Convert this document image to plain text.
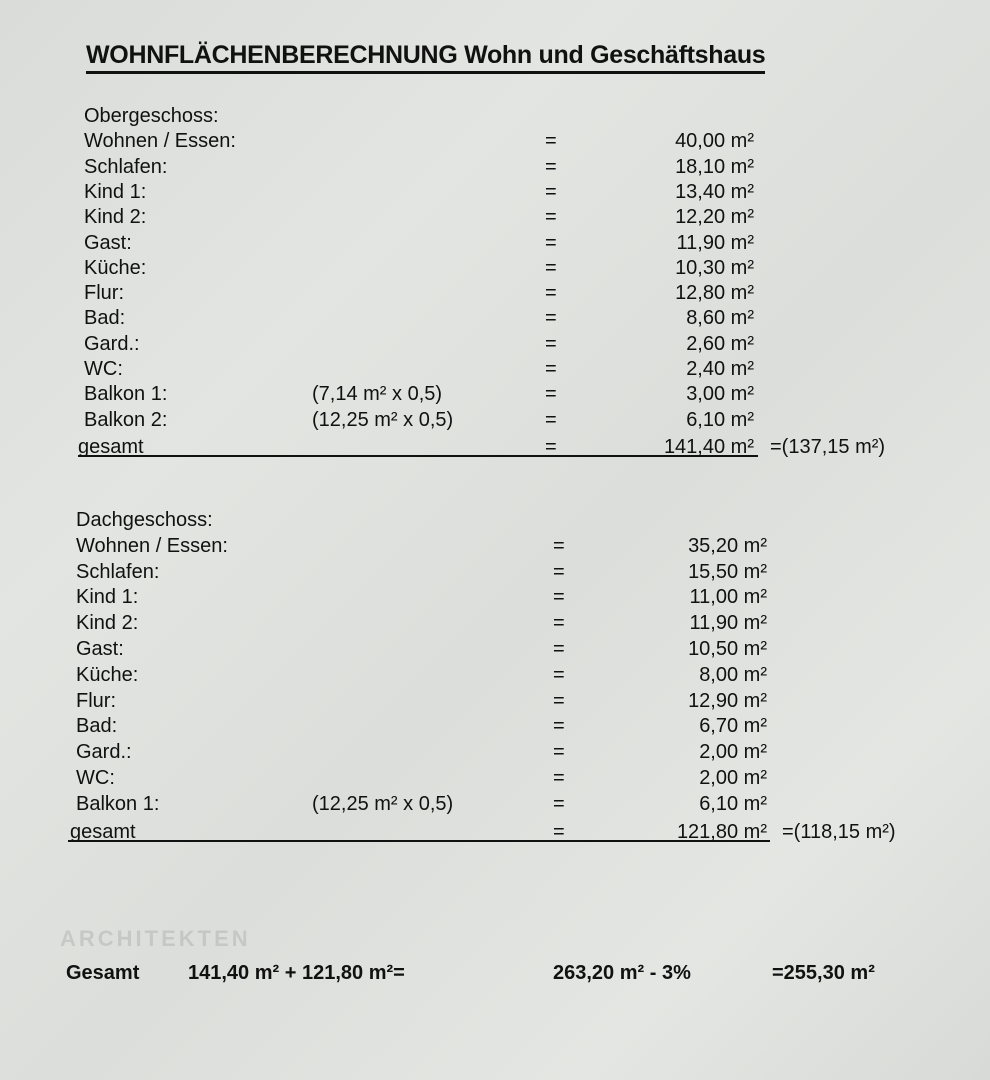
ARCHITEKTEN
WOHNFLÄCHENBERECHNUNG Wohn und Geschäftshaus
Obergeschoss:
Wohnen / Essen:	=	40,00 m²
Schlafen:	=	18,10 m²
Kind 1:	=	13,40 m²
Kind 2:	=	12,20 m²
Gast:	=	11,90 m²
Küche:	=	10,30 m²
Flur:	=	12,80 m²
Bad:	=	8,60 m²
Gard.:	=	2,60 m²
WC:	=	2,40 m²
Balkon 1:	(7,14 m² x 0,5)	=	3,00 m²
Balkon 2:	(12,25 m² x 0,5)	=	6,10 m²
gesamt	=	141,40 m² =(137,15 m²)
Dachgeschoss:
Wohnen / Essen:	=	35,20 m²
Schlafen:	=	15,50 m²
Kind 1:	=	11,00 m²
Kind 2:	=	11,90 m²
Gast:	=	10,50 m²
Küche:	=	8,00 m²
Flur:	=	12,90 m²
Bad:	=	6,70 m²
Gard.:	=	2,00 m²
WC:	=	2,00 m²
Balkon 1:	(12,25 m² x 0,5)	=	6,10 m²
gesamt	=	121,80 m² =(118,15 m²)
Gesamt 141,40 m² + 121,80 m²=	263,20 m² - 3%	=255,30 m²
